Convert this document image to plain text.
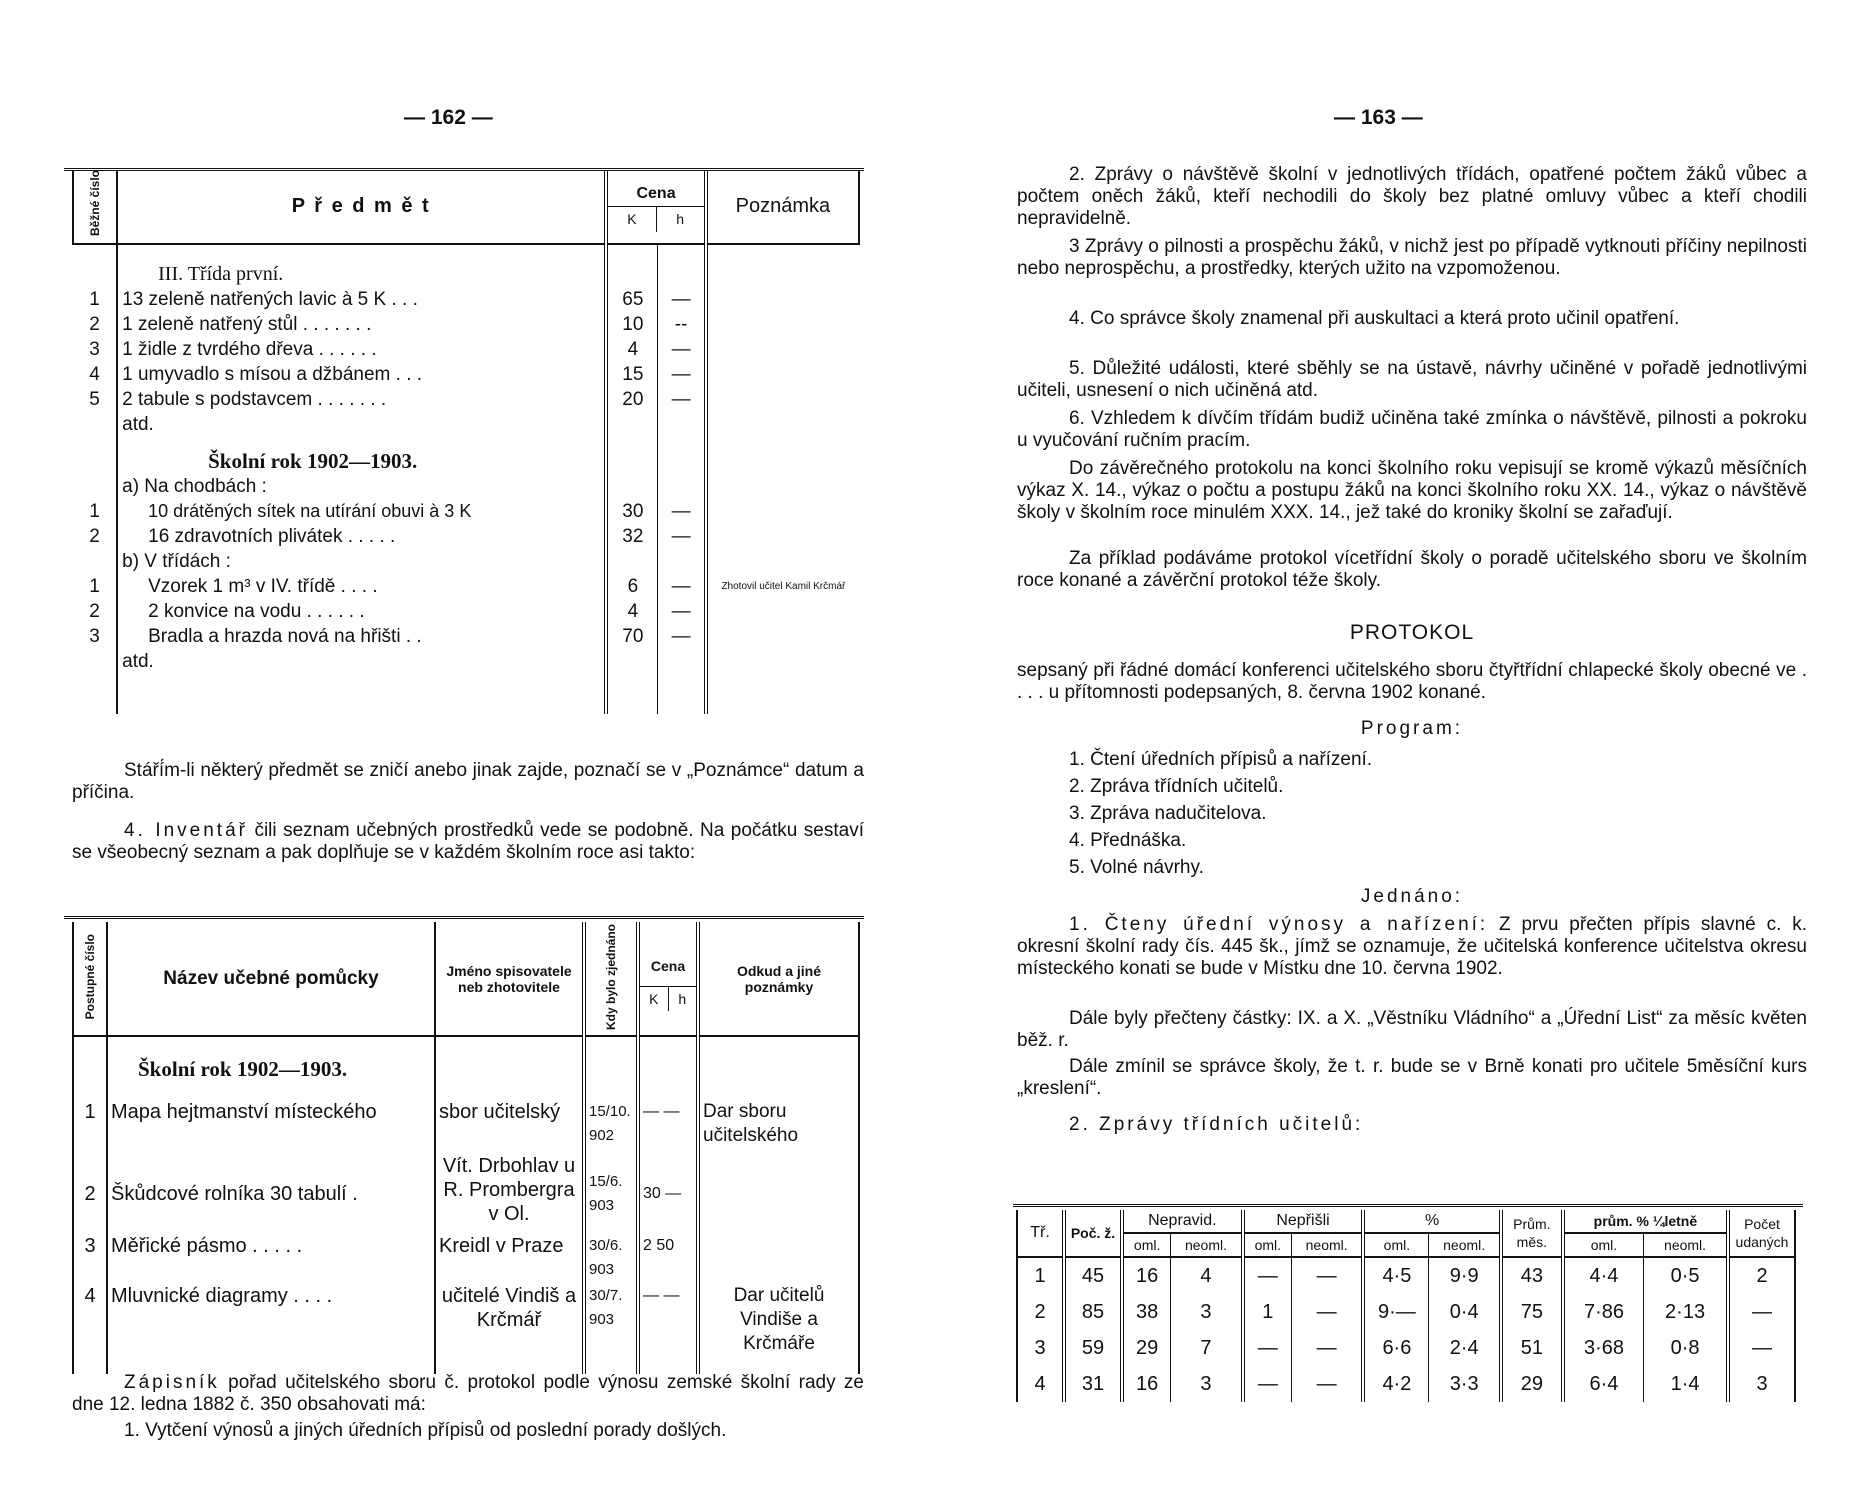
— 162 —
Běžné číslo	P ř e d m ě t	Cena
K h		Poznámka

	III. Třída první.			
1	13 zeleně natřených lavic à 5 K . . .	65	—	
2	1 zeleně natřený stůl . . . . . . .	10	--	
3	1 židle z tvrdého dřeva . . . . . .	4	—	
4	1 umyvadlo s mísou a džbánem . . .	15	—	
5	2 tabule s podstavcem . . . . . . .	20	—	
	atd.			

	Školní rok 1902—1903.			
	a) Na chodbách :			
1	10 drátěných sítek na utírání obuvi à 3 K	30	—	
2	16 zdravotních plivátek . . . . .	32	—	
	b) V třídách :			
1	Vzorek 1 m³ v IV. třídě . . . .	6	—	Zhotovil učitel Kamil Krčmář
2	2 konvice na vodu . . . . . .	4	—	
3	Bradla a hrazda nová na hřišti . .	70	—	
	atd.			

Stáří́m-li některý předmět se zničí anebo jinak zajde, poznačí se v „Poznámce“ datum a příčina.
4. Inventář čili seznam učebných prostředků vede se podobně. Na počátku sestaví se všeobecný seznam a pak doplňuje se v každém školním roce asi takto:
Postupné číslo	Název učebné pomůcky	Jméno spisovatele neb zhotovitele	Kdy bylo zjednáno	Cena
K h	Odkud a jiné poznámky
	Školní rok 1902—1903.				
1	Mapa hejtmanství místeckého	sbor učitelský	15/10. 902	— —	Dar sboru učitelského
2	Škůdcové rolníka 30 tabulí .	Vít. Drbohlav u R. Prombergra v Ol.	15/6. 903	30 —	
3	Měřické pásmo . . . . .	Kreidl v Praze	30/6. 903	2 50	
4	Mluvnické diagramy . . . .	učitelé Vindiš a Krčmář	30/7. 903	— —	Dar učitelů Vindiše a Krčmáře
Zápisník pořad učitelského sboru č. protokol podle výnosu zemské školní rady ze dne 12. ledna 1882 č. 350 obsahovati má:
1. Vytčení výnosů a jiných úředních přípisů od poslední porady došlých.
— 163 —
2. Zprávy o návštěvě školní v jednotlivých třídách, opatřené počtem žáků vůbec a počtem oněch žáků, kteří nechodili do školy bez platné omluvy vůbec a kteří chodili nepravidelně.
3 Zprávy o pilnosti a prospěchu žáků, v nichž jest po případě vytknouti příčiny nepilnosti nebo neprospěchu, a prostředky, kterých užito na vzpomoženou.
4. Co správce školy znamenal při auskultaci a která proto učinil opatření.
5. Důležité události, které sběhly se na ústavě, návrhy učiněné v pořadě jednotlivými učiteli, usnesení o nich učiněná atd.
6. Vzhledem k dívčím třídám budiž učiněna také zmínka o návštěvě, pilnosti a pokroku u vyučování ručním pracím.
Do závěrečného protokolu na konci školního roku vepisují se kromě výkazů měsíčních výkaz X. 14., výkaz o počtu a postupu žáků na konci školního roku XX. 14., výkaz o návštěvě školy v školním roce minulém XXX. 14., jež také do kroniky školní se zařaďují.
Za příklad podáváme protokol vícetřídní školy o poradě učitelského sboru ve školním roce konané a závěrční protokol téže školy.
PROTOKOL
sepsaný při řádné domácí konferenci učitelského sboru čtyřtřídní chlapecké školy obecné ve . . . . u přítomnosti podepsaných, 8. června 1902 konané.
Program:
1. Čtení úředních přípisů a nařízení.
2. Zpráva třídních učitelů.
3. Zpráva nadučitelova.
4. Přednáška.
5. Volné návrhy.
Jednáno:
1. Čteny úřední výnosy a nařízení: Z prvu přečten přípis slavné c. k. okresní školní rady čís. 445 šk., jímž se oznamuje, že učitelská konference učitelstva okresu místeckého konati se bude v Místku dne 10. června 1902.
Dále byly přečteny částky: IX. a X. „Věstníku Vládního“ a „Úřední List“ za měsíc květen běž. r.
Dále zmínil se správce školy, že t. r. bude se v Brně konati pro učitele 5měsíční kurs „kreslení“.
2. Zprávy třídních učitelů:
Tř.	Poč. ž.	Nepravid.		Nepřišli		%		Prům. měs.	prům. % ¼letně		Počet udaných
		oml.	neoml.	oml.	neoml.	oml.	neoml.		oml.	neoml.	
1	45	16	4	—	—	4·5	9·9	43	4·4	0·5	2
2	85	38	3	1	—	9·—	0·4	75	7·86	2·13	—
3	59	29	7	—	—	6·6	2·4	51	3·68	0·8	—
4	31	16	3	—	—	4·2	3·3	29	6·4	1·4	3
